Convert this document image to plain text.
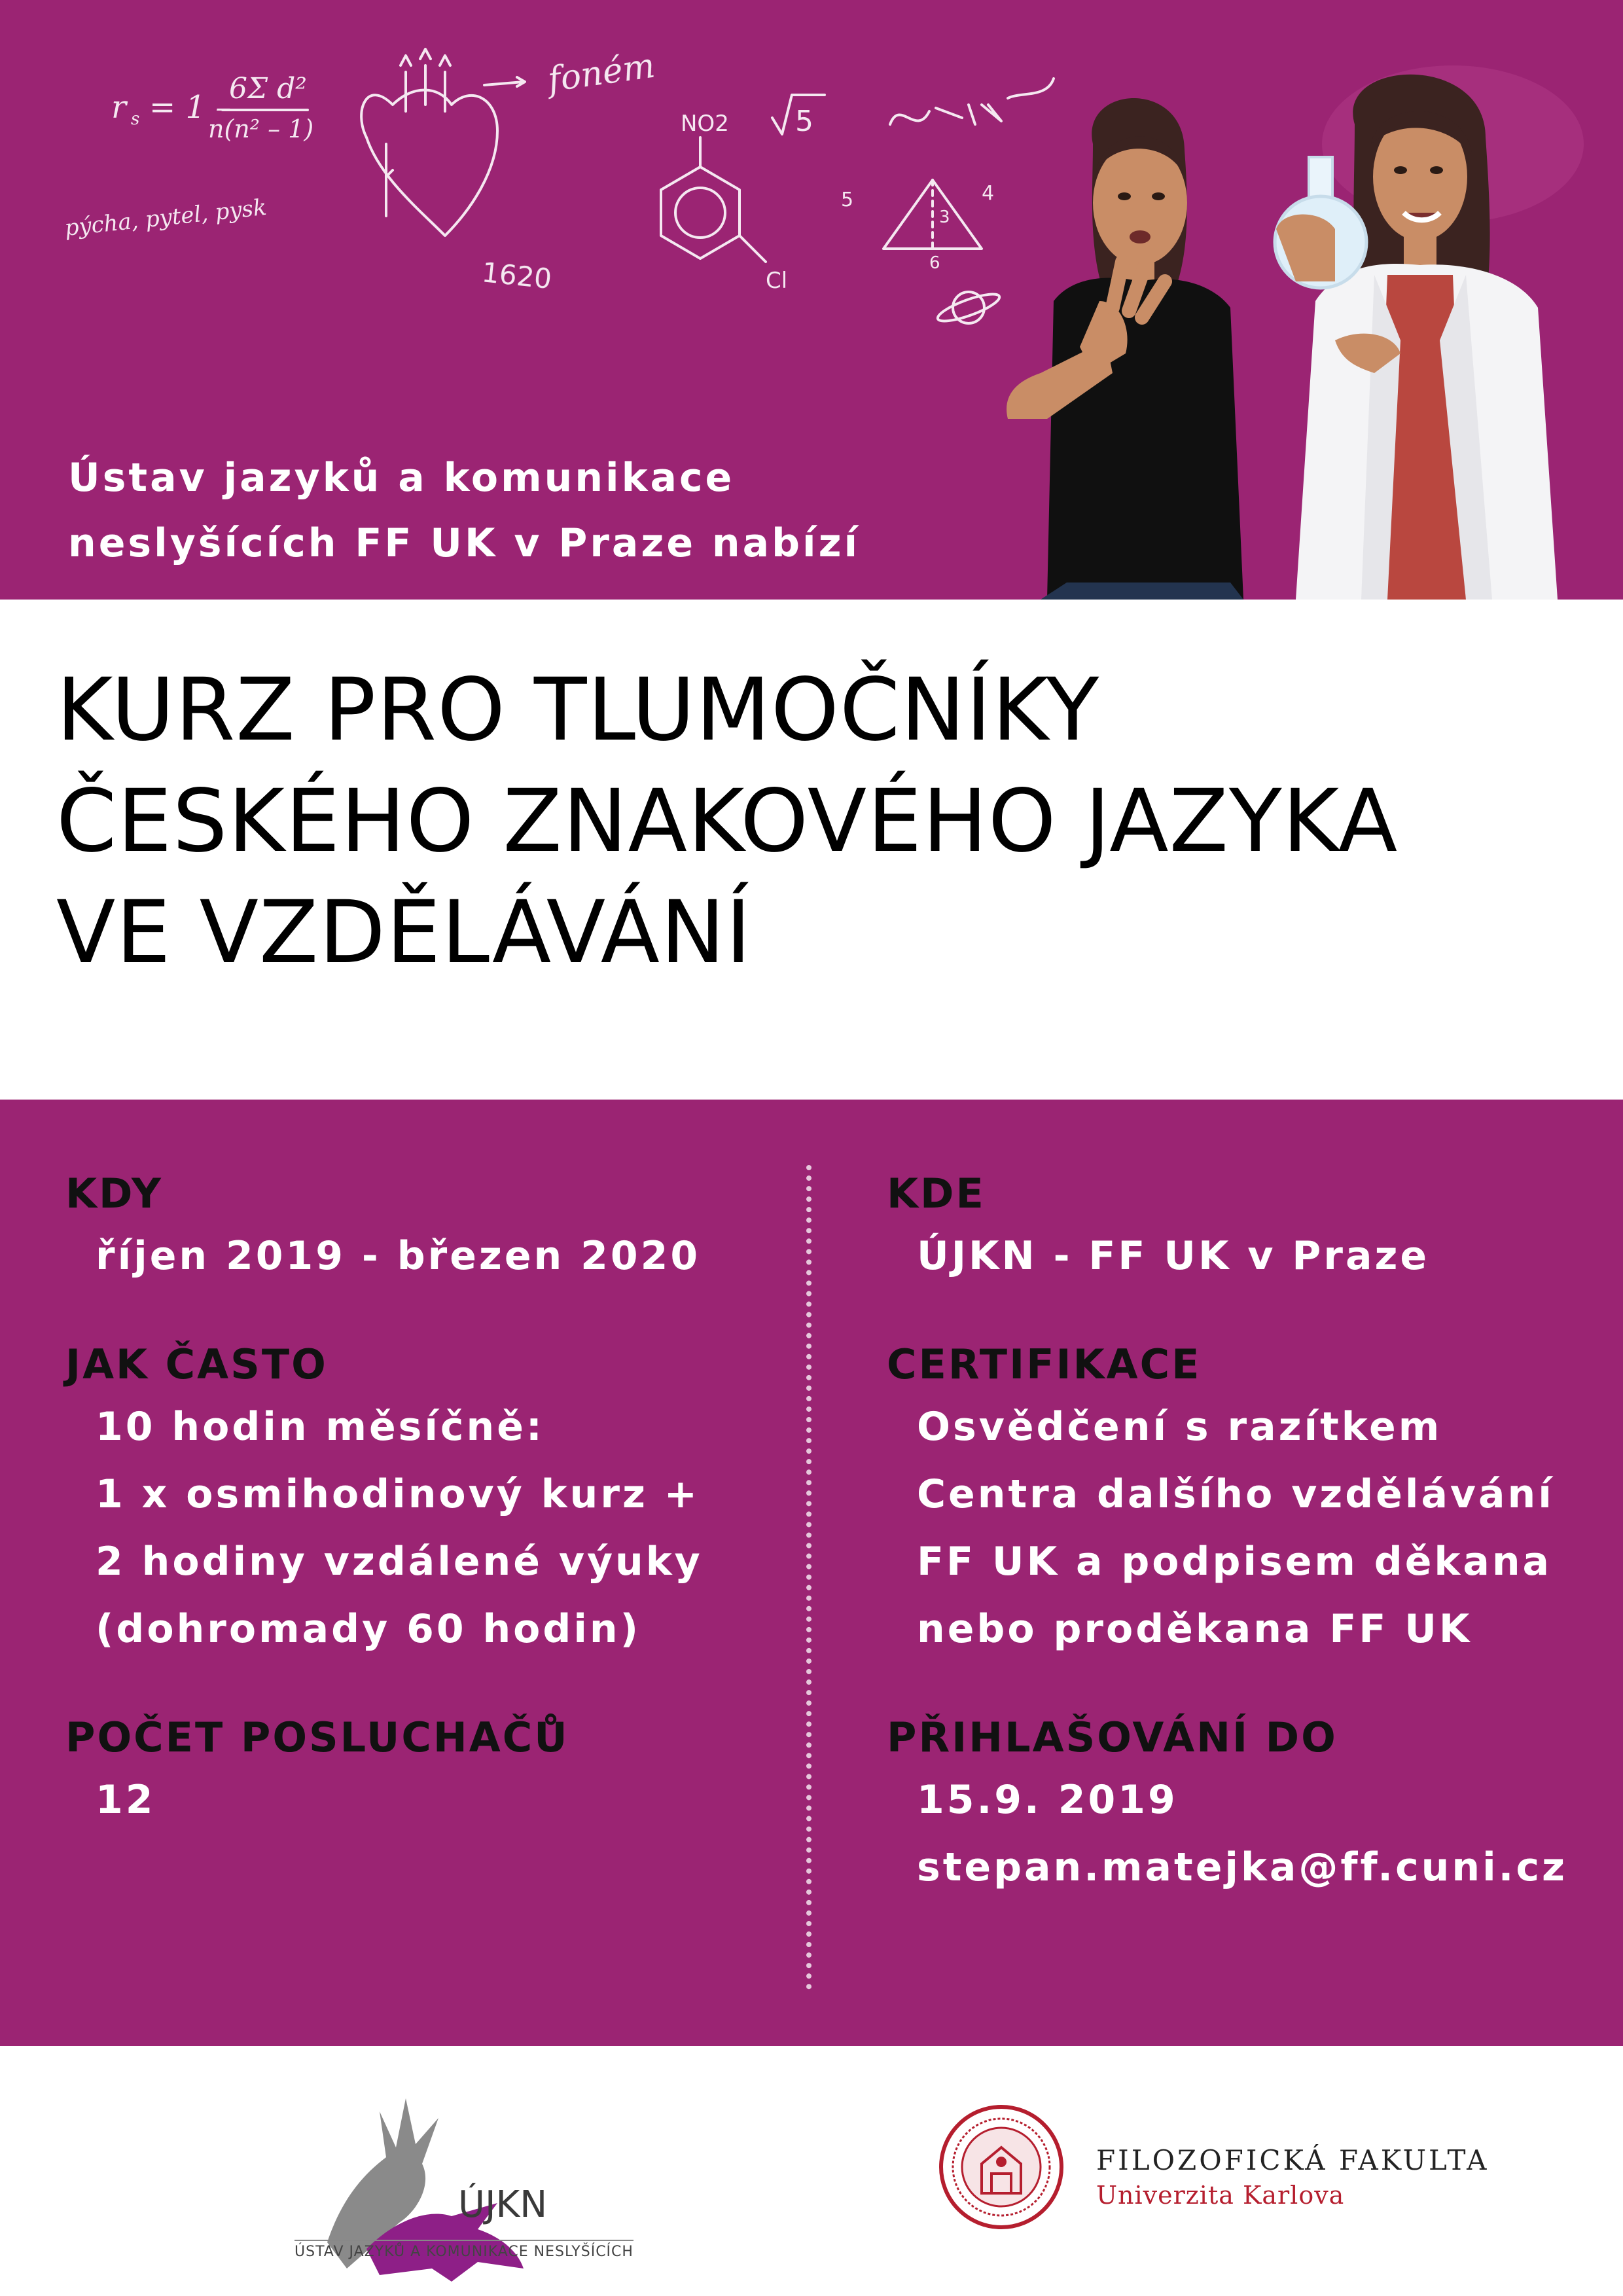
r s = 1 –
6Σ d²
n(n² – 1)
foném
pýcha, pytel, pysk
1620
NO2
Cl
5
5	4
3
6
Ústav jazyků a komunikace
neslyšících FF UK v Praze nabízí
KURZ PRO TLUMOČNÍKY
ČESKÉHO ZNAKOVÉHO JAZYKA
VE VZDĚLÁVÁNÍ
KDY
říjen 2019 - březen 2020
JAK ČASTO
10 hodin měsíčně:
1 x osmihodinový kurz +
2 hodiny vzdálené výuky
(dohromady 60 hodin)
POČET POSLUCHAČŮ
12
KDE
ÚJKN - FF UK v Praze
CERTIFIKACE
Osvědčení s razítkem
Centra dalšího vzdělávání
FF UK a podpisem děkana
nebo proděkana FF UK
PŘIHLAŠOVÁNÍ DO
15.9. 2019
stepan.matejka@ff.cuni.cz
ÚJKN
ÚSTAV JAZYKŮ A KOMUNIKACE NESLYŠÍCÍCH
FILOZOFICKÁ FAKULTA
Univerzita Karlova
